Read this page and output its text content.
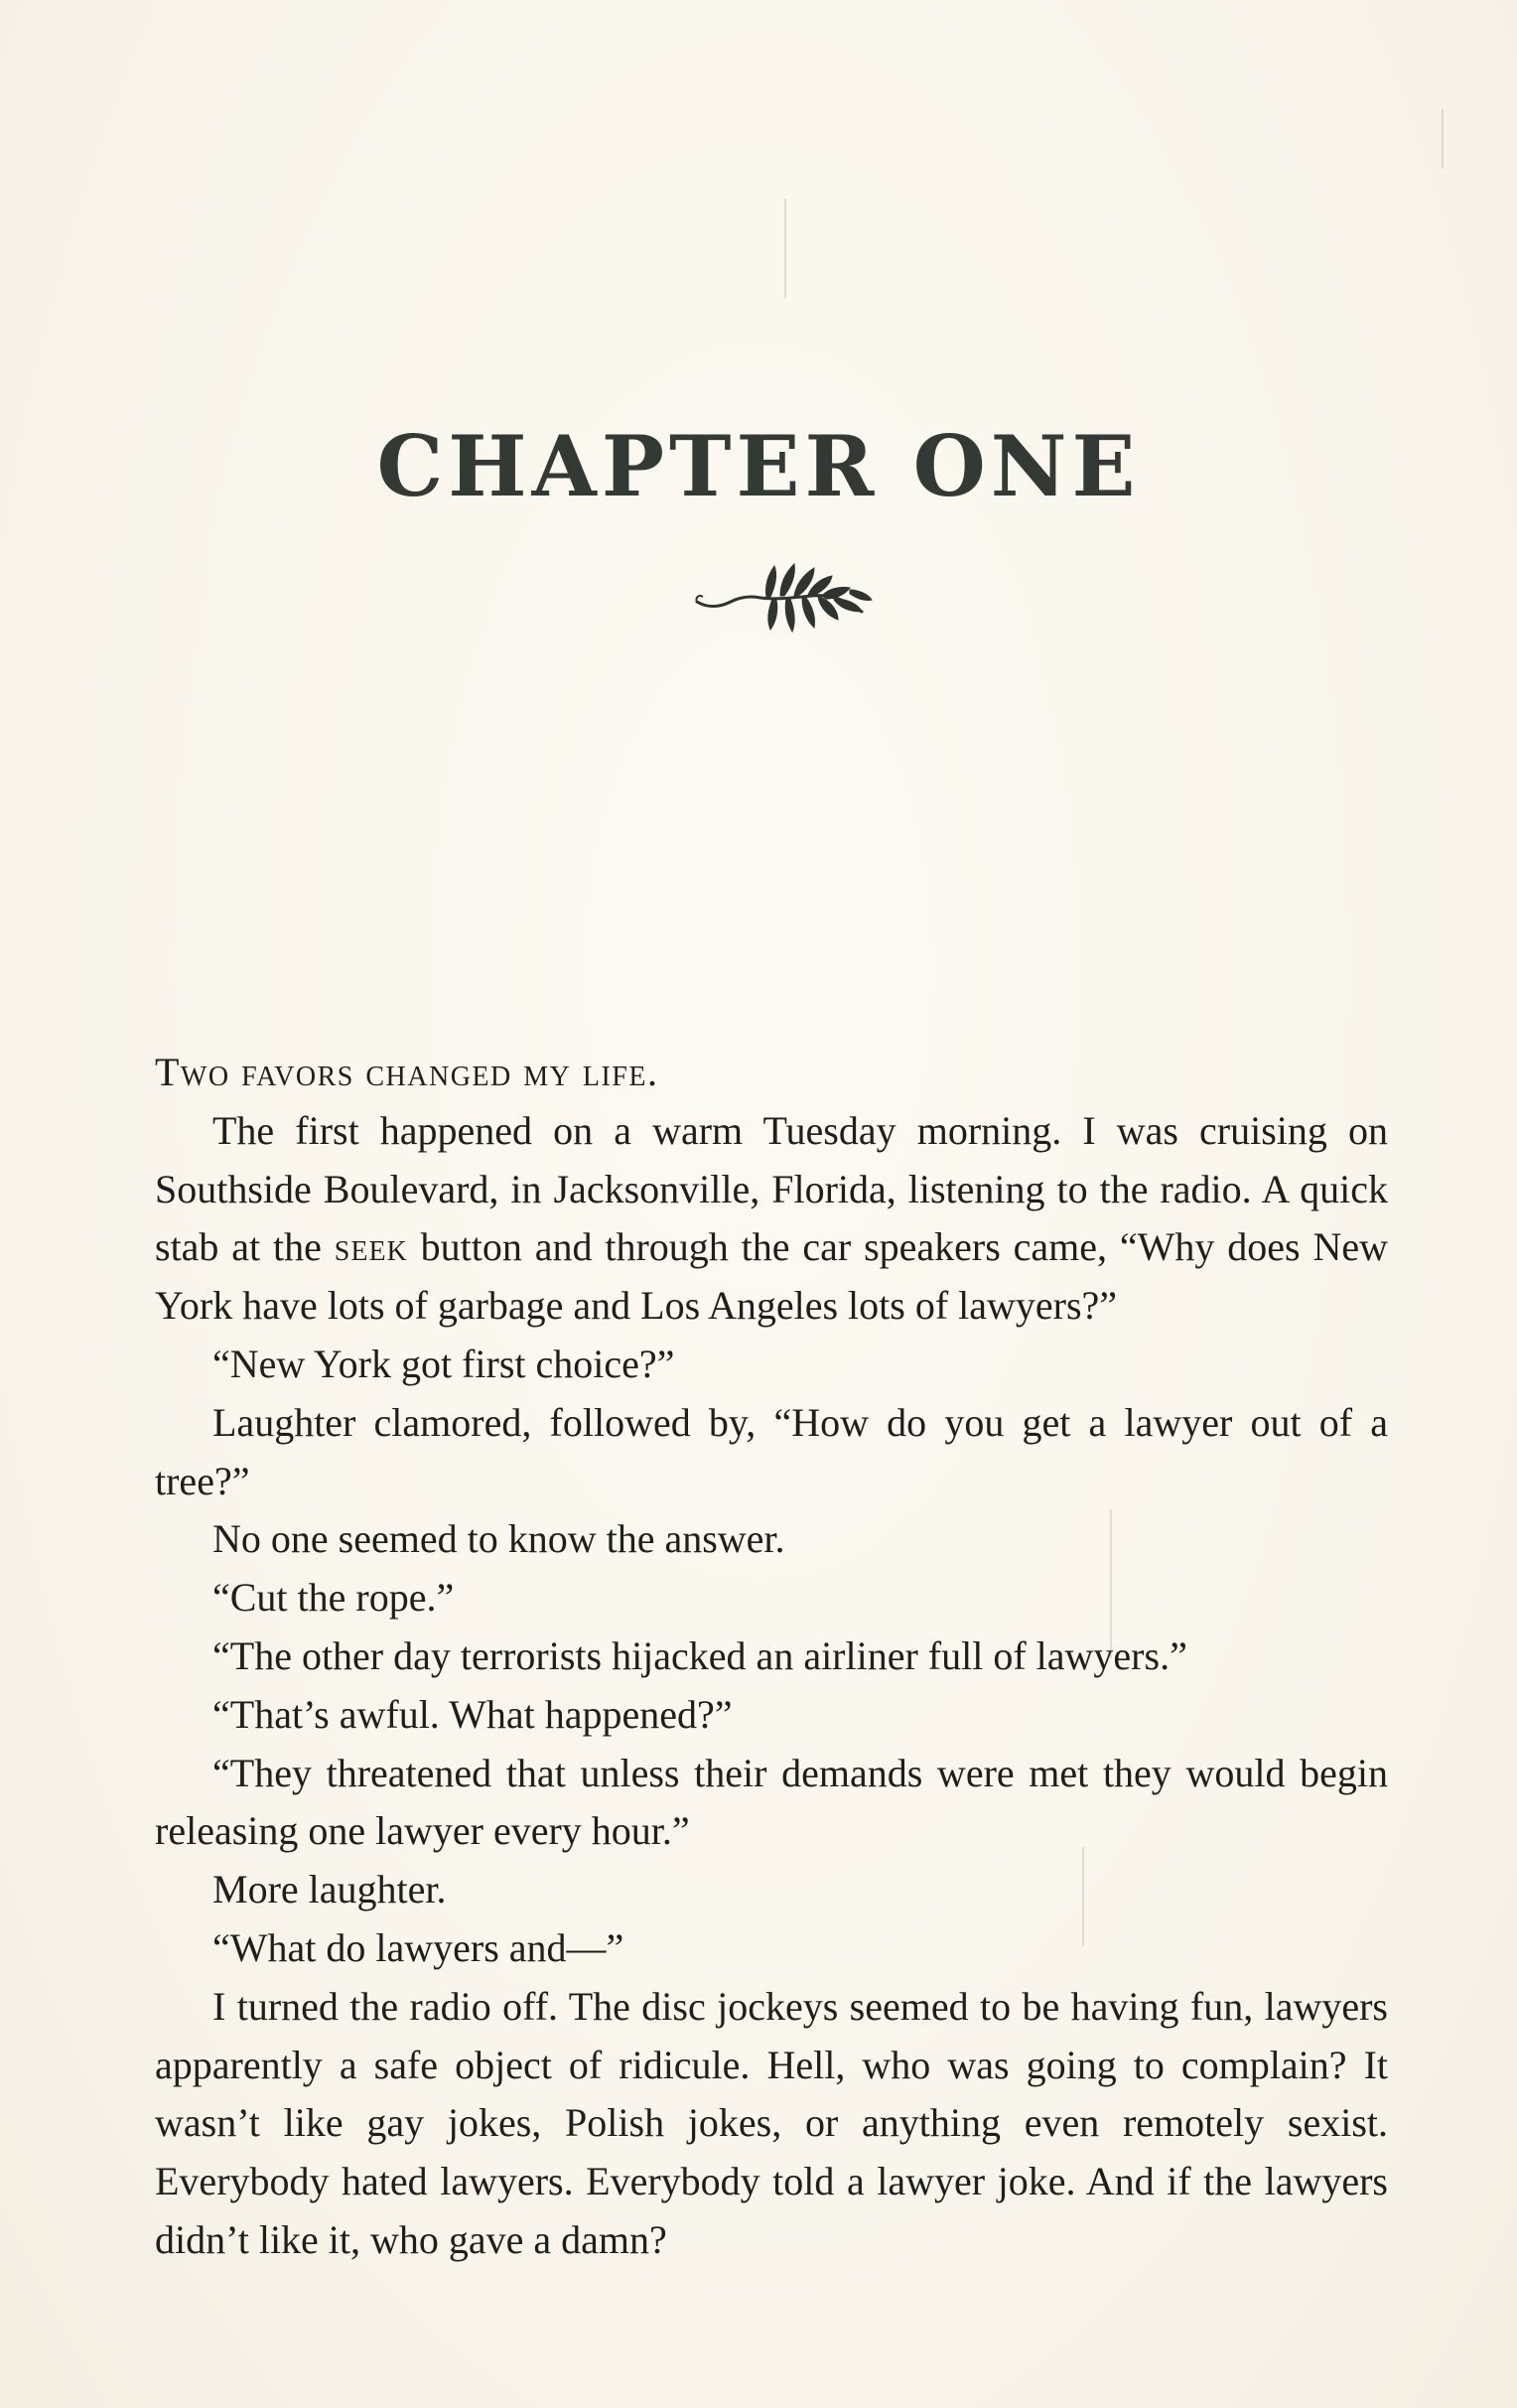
CHAPTER ONE

Two favors changed my life.

The first happened on a warm Tuesday morning. I was cruising on Southside Boulevard, in Jacksonville, Florida, listening to the radio. A quick stab at the seek button and through the car speakers came, “Why does New York have lots of garbage and Los Angeles lots of lawyers?”

“New York got first choice?”

Laughter clamored, followed by, “How do you get a lawyer out of a tree?”

No one seemed to know the answer.

“Cut the rope.”

“The other day terrorists hijacked an airliner full of lawyers.”

“That’s awful. What happened?”

“They threatened that unless their demands were met they would begin releasing one lawyer every hour.”

More laughter.

“What do lawyers and—”

I turned the radio off. The disc jockeys seemed to be having fun, lawyers apparently a safe object of ridicule. Hell, who was going to complain? It wasn’t like gay jokes, Polish jokes, or anything even remotely sexist. Everybody hated lawyers. Everybody told a lawyer joke. And if the lawyers didn’t like it, who gave a damn?
